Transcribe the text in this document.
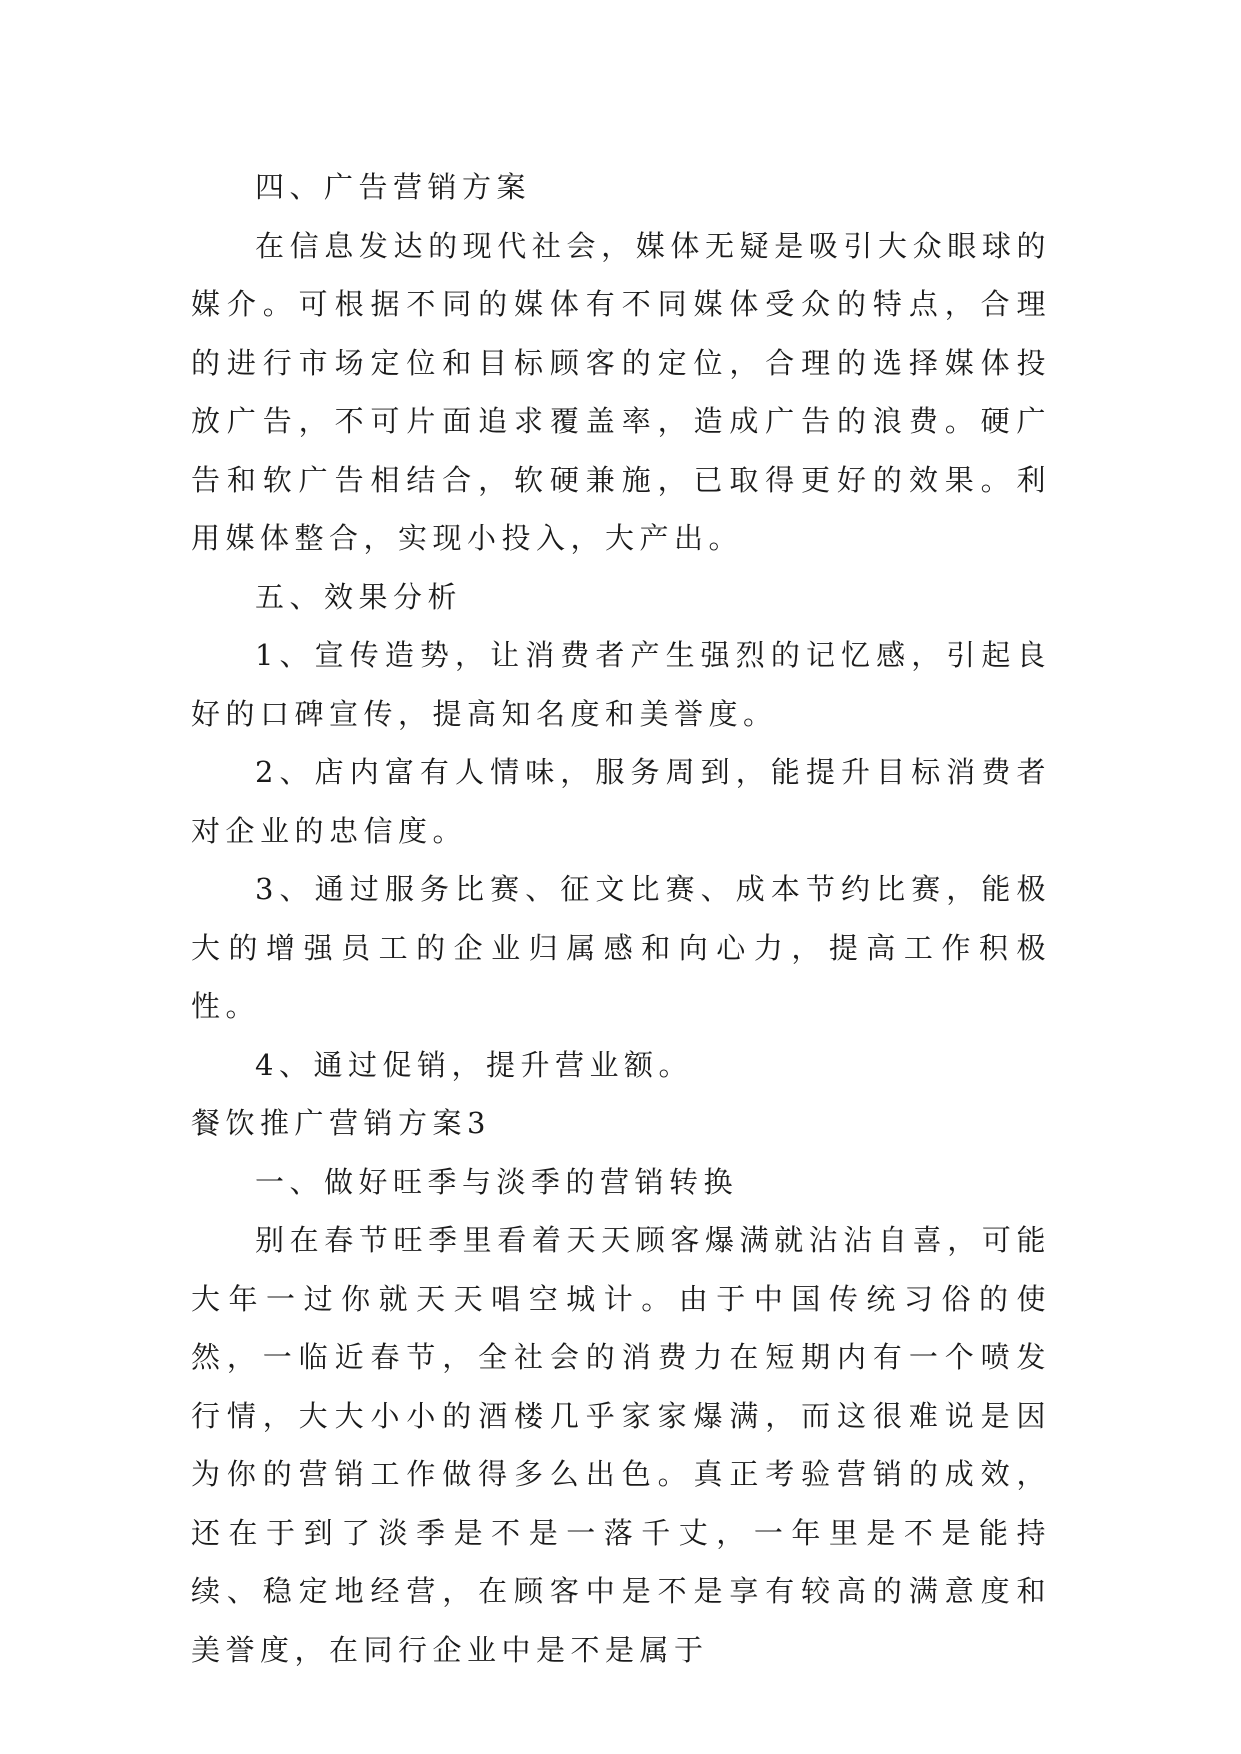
四、广告营销方案

在信息发达的现代社会，媒体无疑是吸引大众眼球的媒介。可根据不同的媒体有不同媒体受众的特点，合理的进行市场定位和目标顾客的定位，合理的选择媒体投放广告，不可片面追求覆盖率，造成广告的浪费。硬广告和软广告相结合，软硬兼施，已取得更好的效果。利用媒体整合，实现小投入，大产出。

五、效果分析

1、宣传造势，让消费者产生强烈的记忆感，引起良好的口碑宣传，提高知名度和美誉度。

2、店内富有人情味，服务周到，能提升目标消费者对企业的忠信度。

3、通过服务比赛、征文比赛、成本节约比赛，能极大的增强员工的企业归属感和向心力，提高工作积极性。

4、通过促销，提升营业额。

餐饮推广营销方案3

一、做好旺季与淡季的营销转换

别在春节旺季里看着天天顾客爆满就沾沾自喜，可能大年一过你就天天唱空城计。由于中国传统习俗的使然，一临近春节，全社会的消费力在短期内有一个喷发行情，大大小小的酒楼几乎家家爆满，而这很难说是因为你的营销工作做得多么出色。真正考验营销的成效，还在于到了淡季是不是一落千丈，一年里是不是能持续、稳定地经营，在顾客中是不是享有较高的满意度和美誉度，在同行企业中是不是属于
